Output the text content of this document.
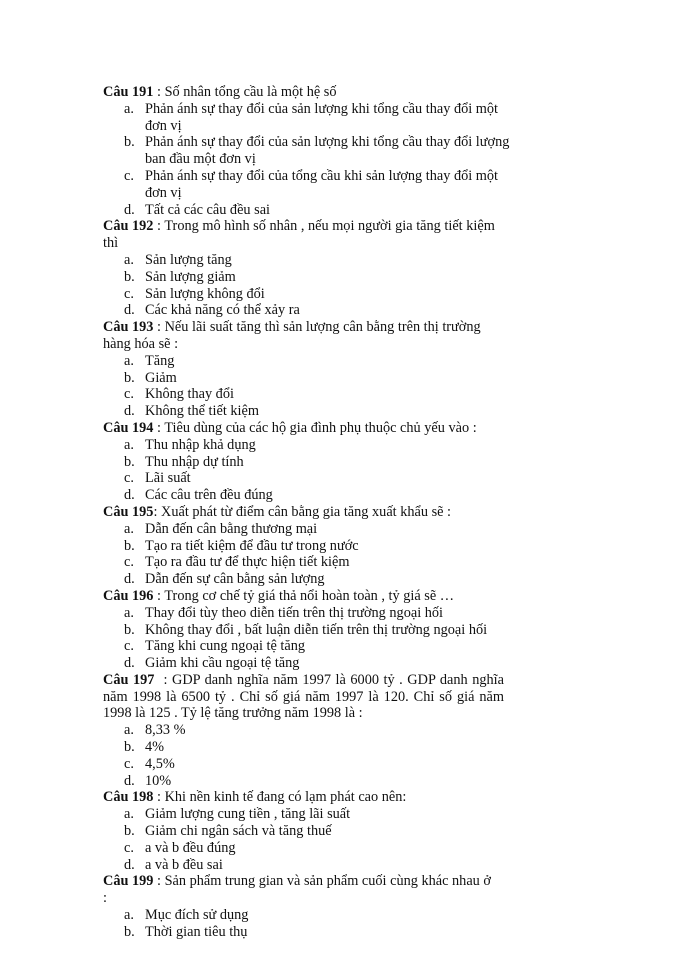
Câu 191 : Số nhân tổng cầu là một hệ số

a. Phản ánh sự thay đổi của sản lượng khi tổng cầu thay đổi một đơn vị
b. Phản ánh sự thay đổi của sản lượng khi tổng cầu thay đổi lượng ban đầu một đơn vị
c. Phản ánh sự thay đổi của tổng cầu khi sản lượng thay đổi một đơn vị
d. Tất cả các câu đều sai

Câu 192 : Trong mô hình số nhân , nếu mọi người gia tăng tiết kiệm thì

a. Sản lượng tăng
b. Sản lượng giảm
c. Sản lượng không đổi
d. Các khả năng có thể xảy ra

Câu 193 : Nếu lãi suất tăng thì sản lượng cân bằng trên thị trường hàng hóa sẽ :

a. Tăng
b. Giảm
c. Không thay đổi
d. Không thể tiết kiệm

Câu 194 : Tiêu dùng của các hộ gia đình phụ thuộc chủ yếu vào :

a. Thu nhập khả dụng
b. Thu nhập dự tính
c. Lãi suất
d. Các câu trên đều đúng

Câu 195: Xuất phát từ điểm cân bằng gia tăng xuất khẩu sẽ :

a. Dẫn đến cân bằng thương mại
b. Tạo ra tiết kiệm để đầu tư trong nước
c. Tạo ra đầu tư để thực hiện tiết kiệm
d. Dẫn đến sự cân bằng sản lượng

Câu 196 : Trong cơ chế tỷ giá thả nổi hoàn toàn , tỷ giá sẽ …

a. Thay đổi tùy theo diễn tiến trên thị trường ngoại hối
b. Không thay đổi , bất luận diễn tiến trên thị trường ngoại hối
c. Tăng khi cung ngoại tệ tăng
d. Giảm khi cầu ngoại tệ tăng

Câu 197  : GDP danh nghĩa năm 1997 là 6000 tỷ . GDP danh nghĩa năm 1998 là 6500 tỷ . Chỉ số giá năm 1997 là 120. Chỉ số giá năm 1998 là 125 . Tỷ lệ tăng trưởng năm 1998 là :

a. 8,33 %
b. 4%
c. 4,5%
d. 10%

Câu 198 : Khi nền kinh tế đang có lạm phát cao nên:

a. Giảm lượng cung tiền , tăng lãi suất
b. Giảm chi ngân sách và tăng thuế
c. a và b đều đúng
d. a và b đều sai

Câu 199 : Sản phẩm trung gian và sản phẩm cuối cùng khác nhau ở :

a. Mục đích sử dụng
b. Thời gian tiêu thụ
